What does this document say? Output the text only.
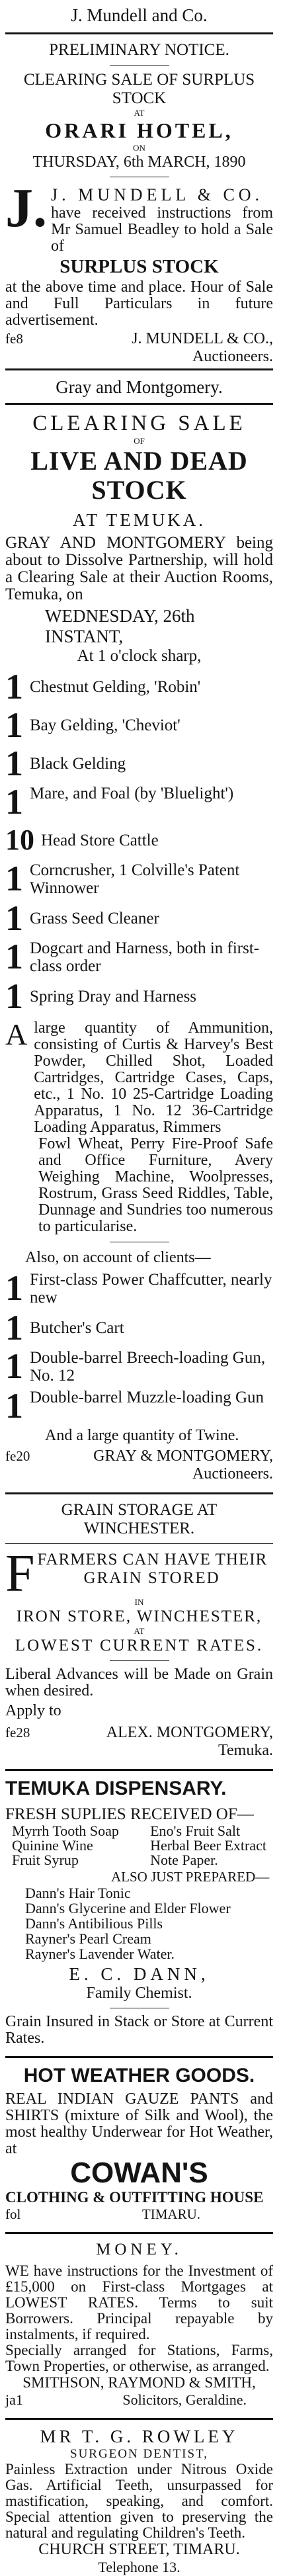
J. Mundell and Co.
PRELIMINARY NOTICE.
CLEARING SALE OF SURPLUS STOCK
AT
ORARI HOTEL,
ON
THURSDAY, 6th MARCH, 1890
J. J. MUNDELL & CO.
have received instructions from Mr Samuel Beadley to hold a Sale of
SURPLUS STOCK
at the above time and place. Hour of Sale and Full Particulars in future advertisement.
fe8	J. MUNDELL & CO.,
Auctioneers.
Gray and Montgomery.
CLEARING SALE
OF
LIVE AND DEAD STOCK
AT TEMUKA.
GRAY AND MONTGOMERY being about to Dissolve Partnership, will hold a Clearing Sale at their Auction Rooms, Temuka, on
WEDNESDAY, 26th INSTANT,
At 1 o'clock sharp,
1 Chestnut Gelding, 'Robin'
1 Bay Gelding, 'Cheviot'
1 Black Gelding
1 Mare, and Foal (by 'Bluelight')
10 Head Store Cattle
1 Corncrusher, 1 Colville's Patent Winnower
1 Grass Seed Cleaner
1 Dogcart and Harness, both in first-class order
1 Spring Dray and Harness
A large quantity of Ammunition, consisting of Curtis & Harvey's Best Powder, Chilled Shot, Loaded Cartridges, Cartridge Cases, Caps, etc., 1 No. 10 25-Cartridge Loading Apparatus, 1 No. 12 36-Cartridge Loading Apparatus, Rimmers
Fowl Wheat, Perry Fire-Proof Safe and Office Furniture, Avery Weighing Machine, Woolpresses, Rostrum, Grass Seed Riddles, Table, Dunnage and Sundries too numerous to particularise.
Also, on account of clients—
1 First-class Power Chaffcutter, nearly new
1 Butcher's Cart
1 Double-barrel Breech-loading Gun, No. 12
1 Double-barrel Muzzle-loading Gun
And a large quantity of Twine.
fe20	GRAY & MONTGOMERY,
Auctioneers.
GRAIN STORAGE AT WINCHESTER.
F FARMERS CAN HAVE THEIR
GRAIN STORED
IN
IRON STORE, WINCHESTER,
AT
LOWEST CURRENT RATES.
Liberal Advances will be Made on Grain when desired.
Apply to
fe28	ALEX. MONTGOMERY,
Temuka.
TEMUKA DISPENSARY.
FRESH SUPLIES RECEIVED OF—
Myrrh Tooth Soap
Quinine Wine
Fruit Syrup
Eno's Fruit Salt
Herbal Beer Extract
Note Paper.
ALSO JUST PREPARED—
Dann's Hair Tonic
Dann's Glycerine and Elder Flower
Dann's Antibilious Pills
Rayner's Pearl Cream
Rayner's Lavender Water.
E. C. DANN,
Family Chemist.
Grain Insured in Stack or Store at Current Rates.
HOT WEATHER GOODS.
REAL INDIAN GAUZE PANTS and SHIRTS (mixture of Silk and Wool), the most healthy Underwear for Hot Weather, at
COWAN'S
CLOTHING & OUTFITTING HOUSE
fol	TIMARU.
MONEY.
WE have instructions for the Investment of £15,000 on First-class Mortgages at LOWEST RATES. Terms to suit Borrowers. Principal repayable by instalments, if required.
Specially arranged for Stations, Farms, Town Properties, or otherwise, as arranged.
SMITHSON, RAYMOND & SMITH,
ja1	Solicitors, Geraldine.
MR T. G. ROWLEY
SURGEON DENTIST,
Painless Extraction under Nitrous Oxide Gas. Artificial Teeth, unsurpassed for mastification, speaking, and comfort. Special attention given to preserving the natural and regulating Children's Teeth.
CHURCH STREET, TIMARU.
Telephone 13.
